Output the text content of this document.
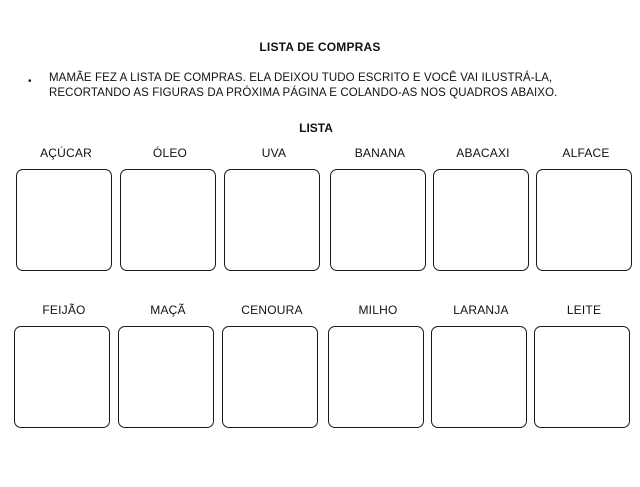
LISTA DE COMPRAS
• MAMÃE FEZ A LISTA DE COMPRAS. ELA DEIXOU TUDO ESCRITO E VOCÊ VAI ILUSTRÁ-LA,
RECORTANDO AS FIGURAS DA PRÓXIMA PÁGINA E COLANDO-AS NOS QUADROS ABAIXO.
LISTA
AÇÚCAR	ÓLEO	UVA	BANANA	ABACAXI	ALFACE
FEIJÃO	MAÇÃ	CENOURA	MILHO	LARANJA	LEITE
